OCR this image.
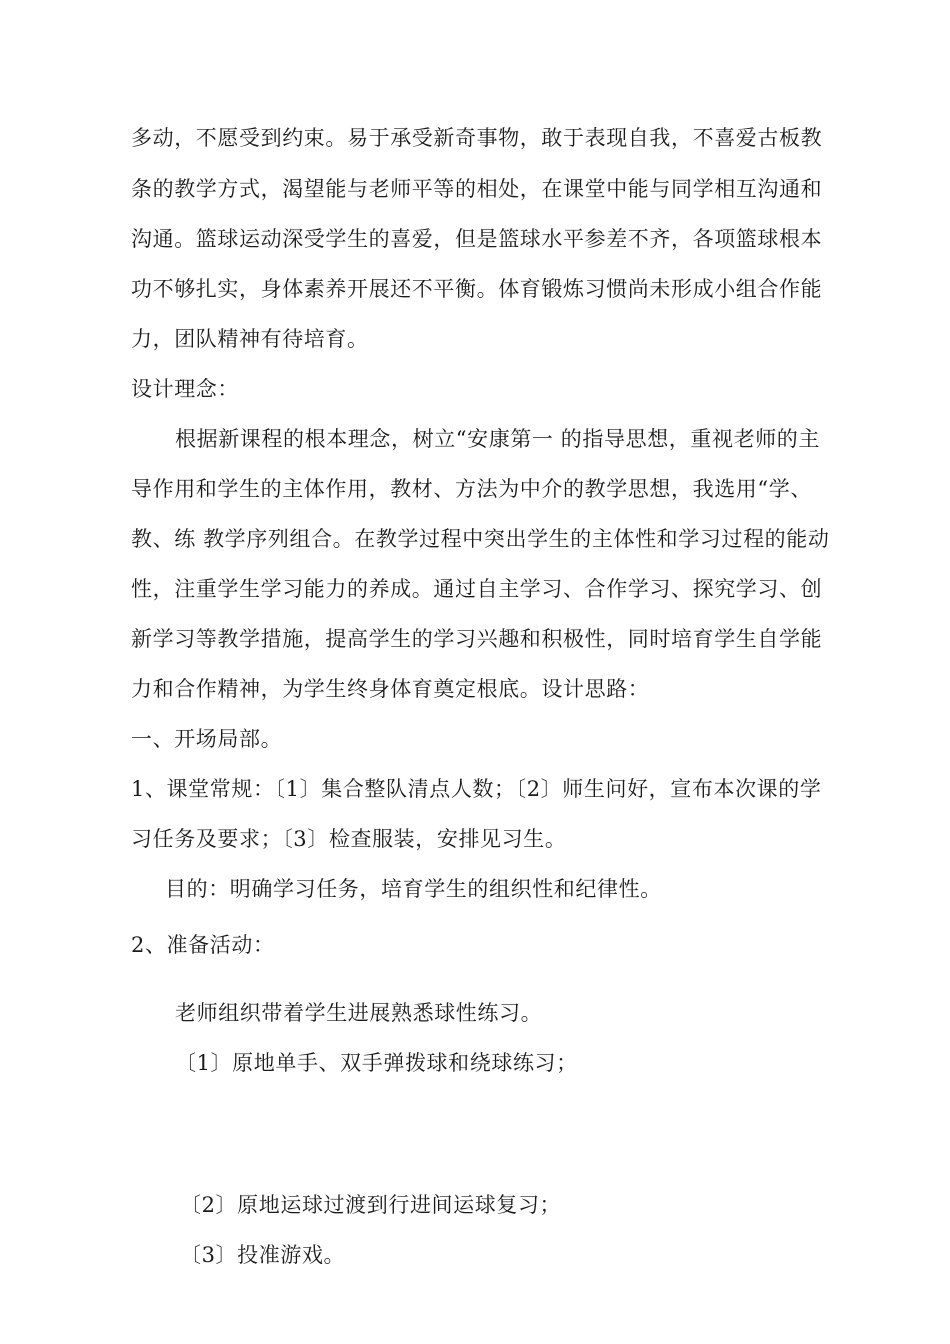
多动，不愿受到约束。易于承受新奇事物，敢于表现自我，不喜爱古板教
条的教学方式，渴望能与老师平等的相处，在课堂中能与同学相互沟通和
沟通。篮球运动深受学生的喜爱，但是篮球水平参差不齐，各项篮球根本
功不够扎实，身体素养开展还不平衡。体育锻炼习惯尚未形成小组合作能
力，团队精神有待培育。
设计理念：
根据新课程的根本理念，树立“安康第一 的指导思想，重视老师的主
导作用和学生的主体作用，教材、方法为中介的教学思想，我选用“学、
教、练 教学序列组合。在教学过程中突出学生的主体性和学习过程的能动
性，注重学生学习能力的养成。通过自主学习、合作学习、探究学习、创
新学习等教学措施，提高学生的学习兴趣和积极性，同时培育学生自学能
力和合作精神，为学生终身体育奠定根底。设计思路：
一、开场局部。
1、课堂常规：〔1〕集合整队清点人数；〔2〕师生问好，宣布本次课的学
习任务及要求；〔3〕检查服装，安排见习生。
目的：明确学习任务，培育学生的组织性和纪律性。
2、准备活动：
老师组织带着学生进展熟悉球性练习。
〔1〕原地单手、双手弹拨球和绕球练习；
〔2〕原地运球过渡到行进间运球复习；
〔3〕投准游戏。
